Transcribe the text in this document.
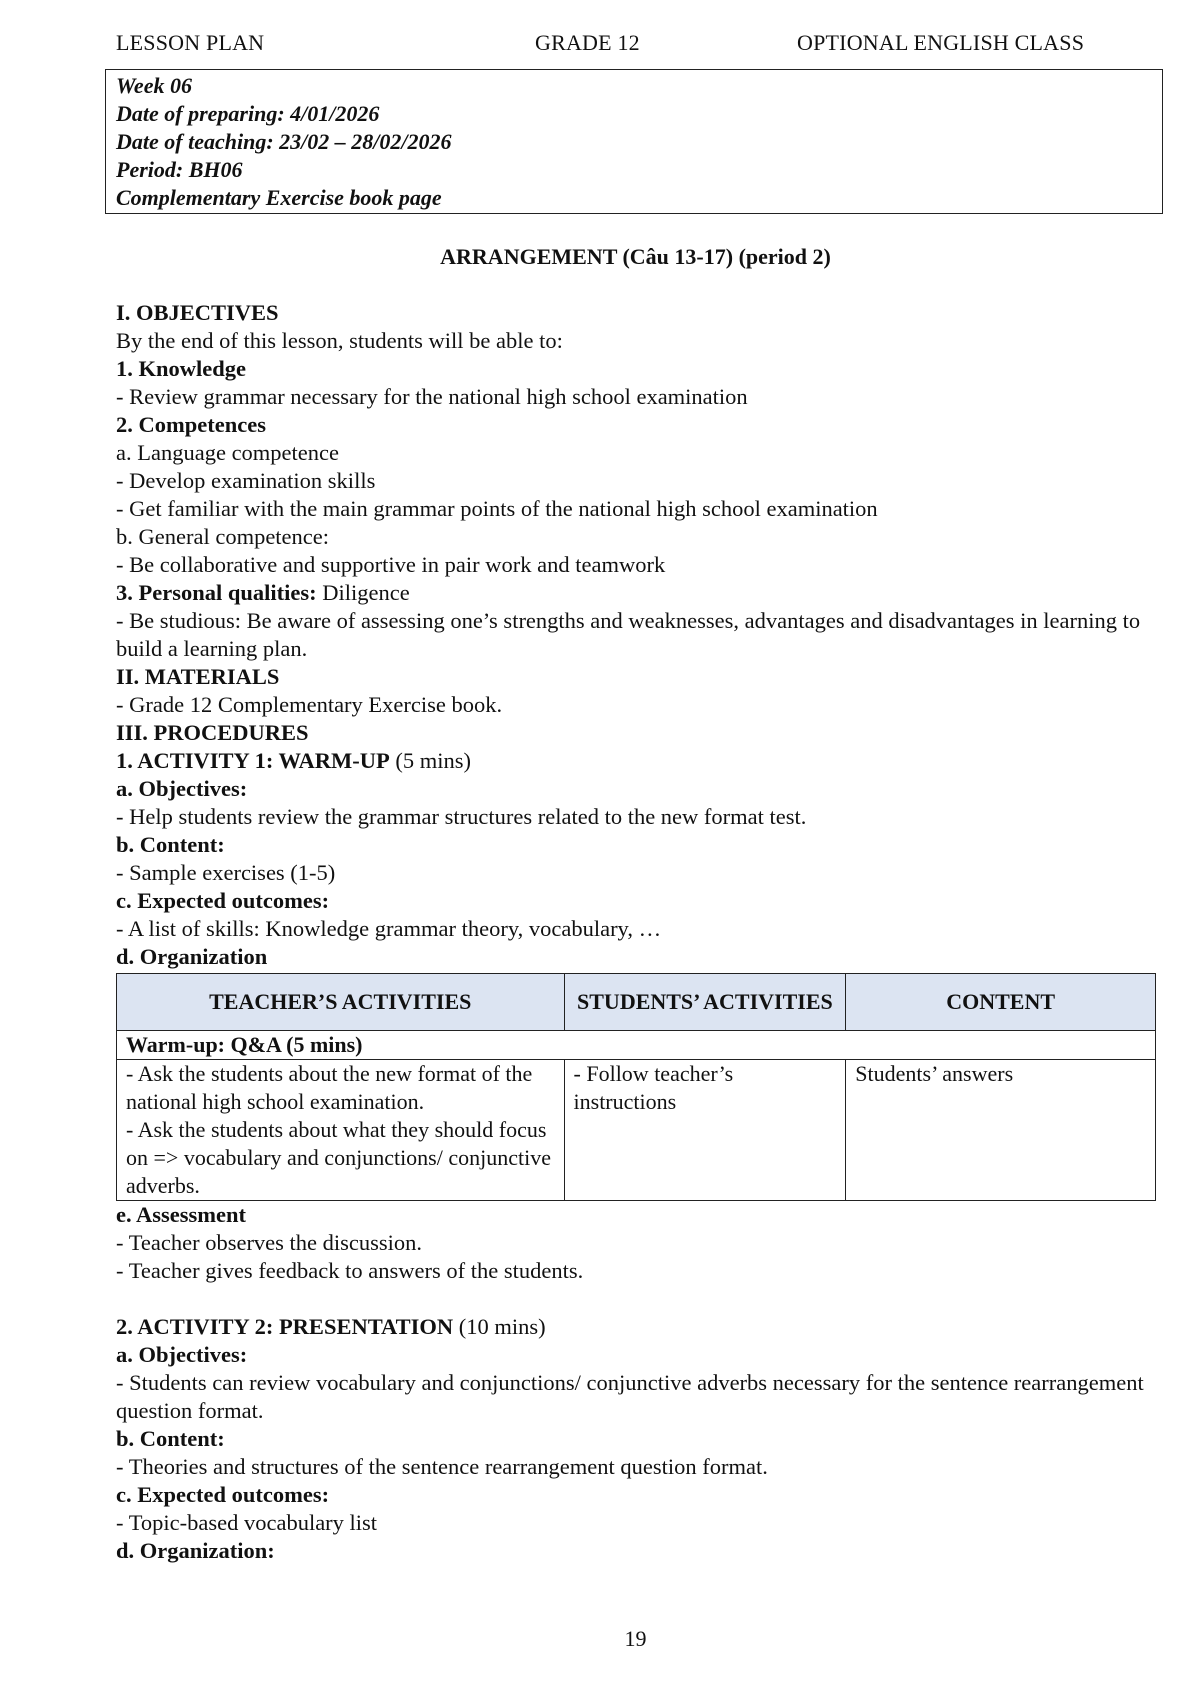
LESSON PLAN	GRADE 12	OPTIONAL ENGLISH CLASS
Week 06
Date of preparing: 4/01/2026
Date of teaching: 23/02 – 28/02/2026
Period: BH06
Complementary Exercise book page
ARRANGEMENT (Câu 13-17) (period 2)
I. OBJECTIVES
By the end of this lesson, students will be able to:
1. Knowledge
- Review grammar necessary for the national high school examination
2. Competences
a. Language competence
- Develop examination skills
- Get familiar with the main grammar points of the national high school examination
b. General competence:
- Be collaborative and supportive in pair work and teamwork
3. Personal qualities: Diligence
- Be studious: Be aware of assessing one’s strengths and weaknesses, advantages and disadvantages in learning to build a learning plan.
II. MATERIALS
- Grade 12 Complementary Exercise book.
III. PROCEDURES
1. ACTIVITY 1: WARM-UP (5 mins)
a. Objectives:
- Help students review the grammar structures related to the new format test.
b. Content:
- Sample exercises (1-5)
c. Expected outcomes:
- A list of skills: Knowledge grammar theory, vocabulary, …
d. Organization
TEACHER’S ACTIVITIES	STUDENTS’ ACTIVITIES	CONTENT
Warm-up: Q&A (5 mins)		

- Ask the students about the new format of the national high school examination.
- Ask the students about what they should focus on => vocabulary and conjunctions/ conjunctive adverbs.	- Follow teacher’s instructions	Students’ answers
e. Assessment
- Teacher observes the discussion.
- Teacher gives feedback to answers of the students.
2. ACTIVITY 2: PRESENTATION (10 mins)
a. Objectives:
- Students can review vocabulary and conjunctions/ conjunctive adverbs necessary for the sentence rearrangement question format.
b. Content:
- Theories and structures of the sentence rearrangement question format.
c. Expected outcomes:
- Topic-based vocabulary list
d. Organization:
19
